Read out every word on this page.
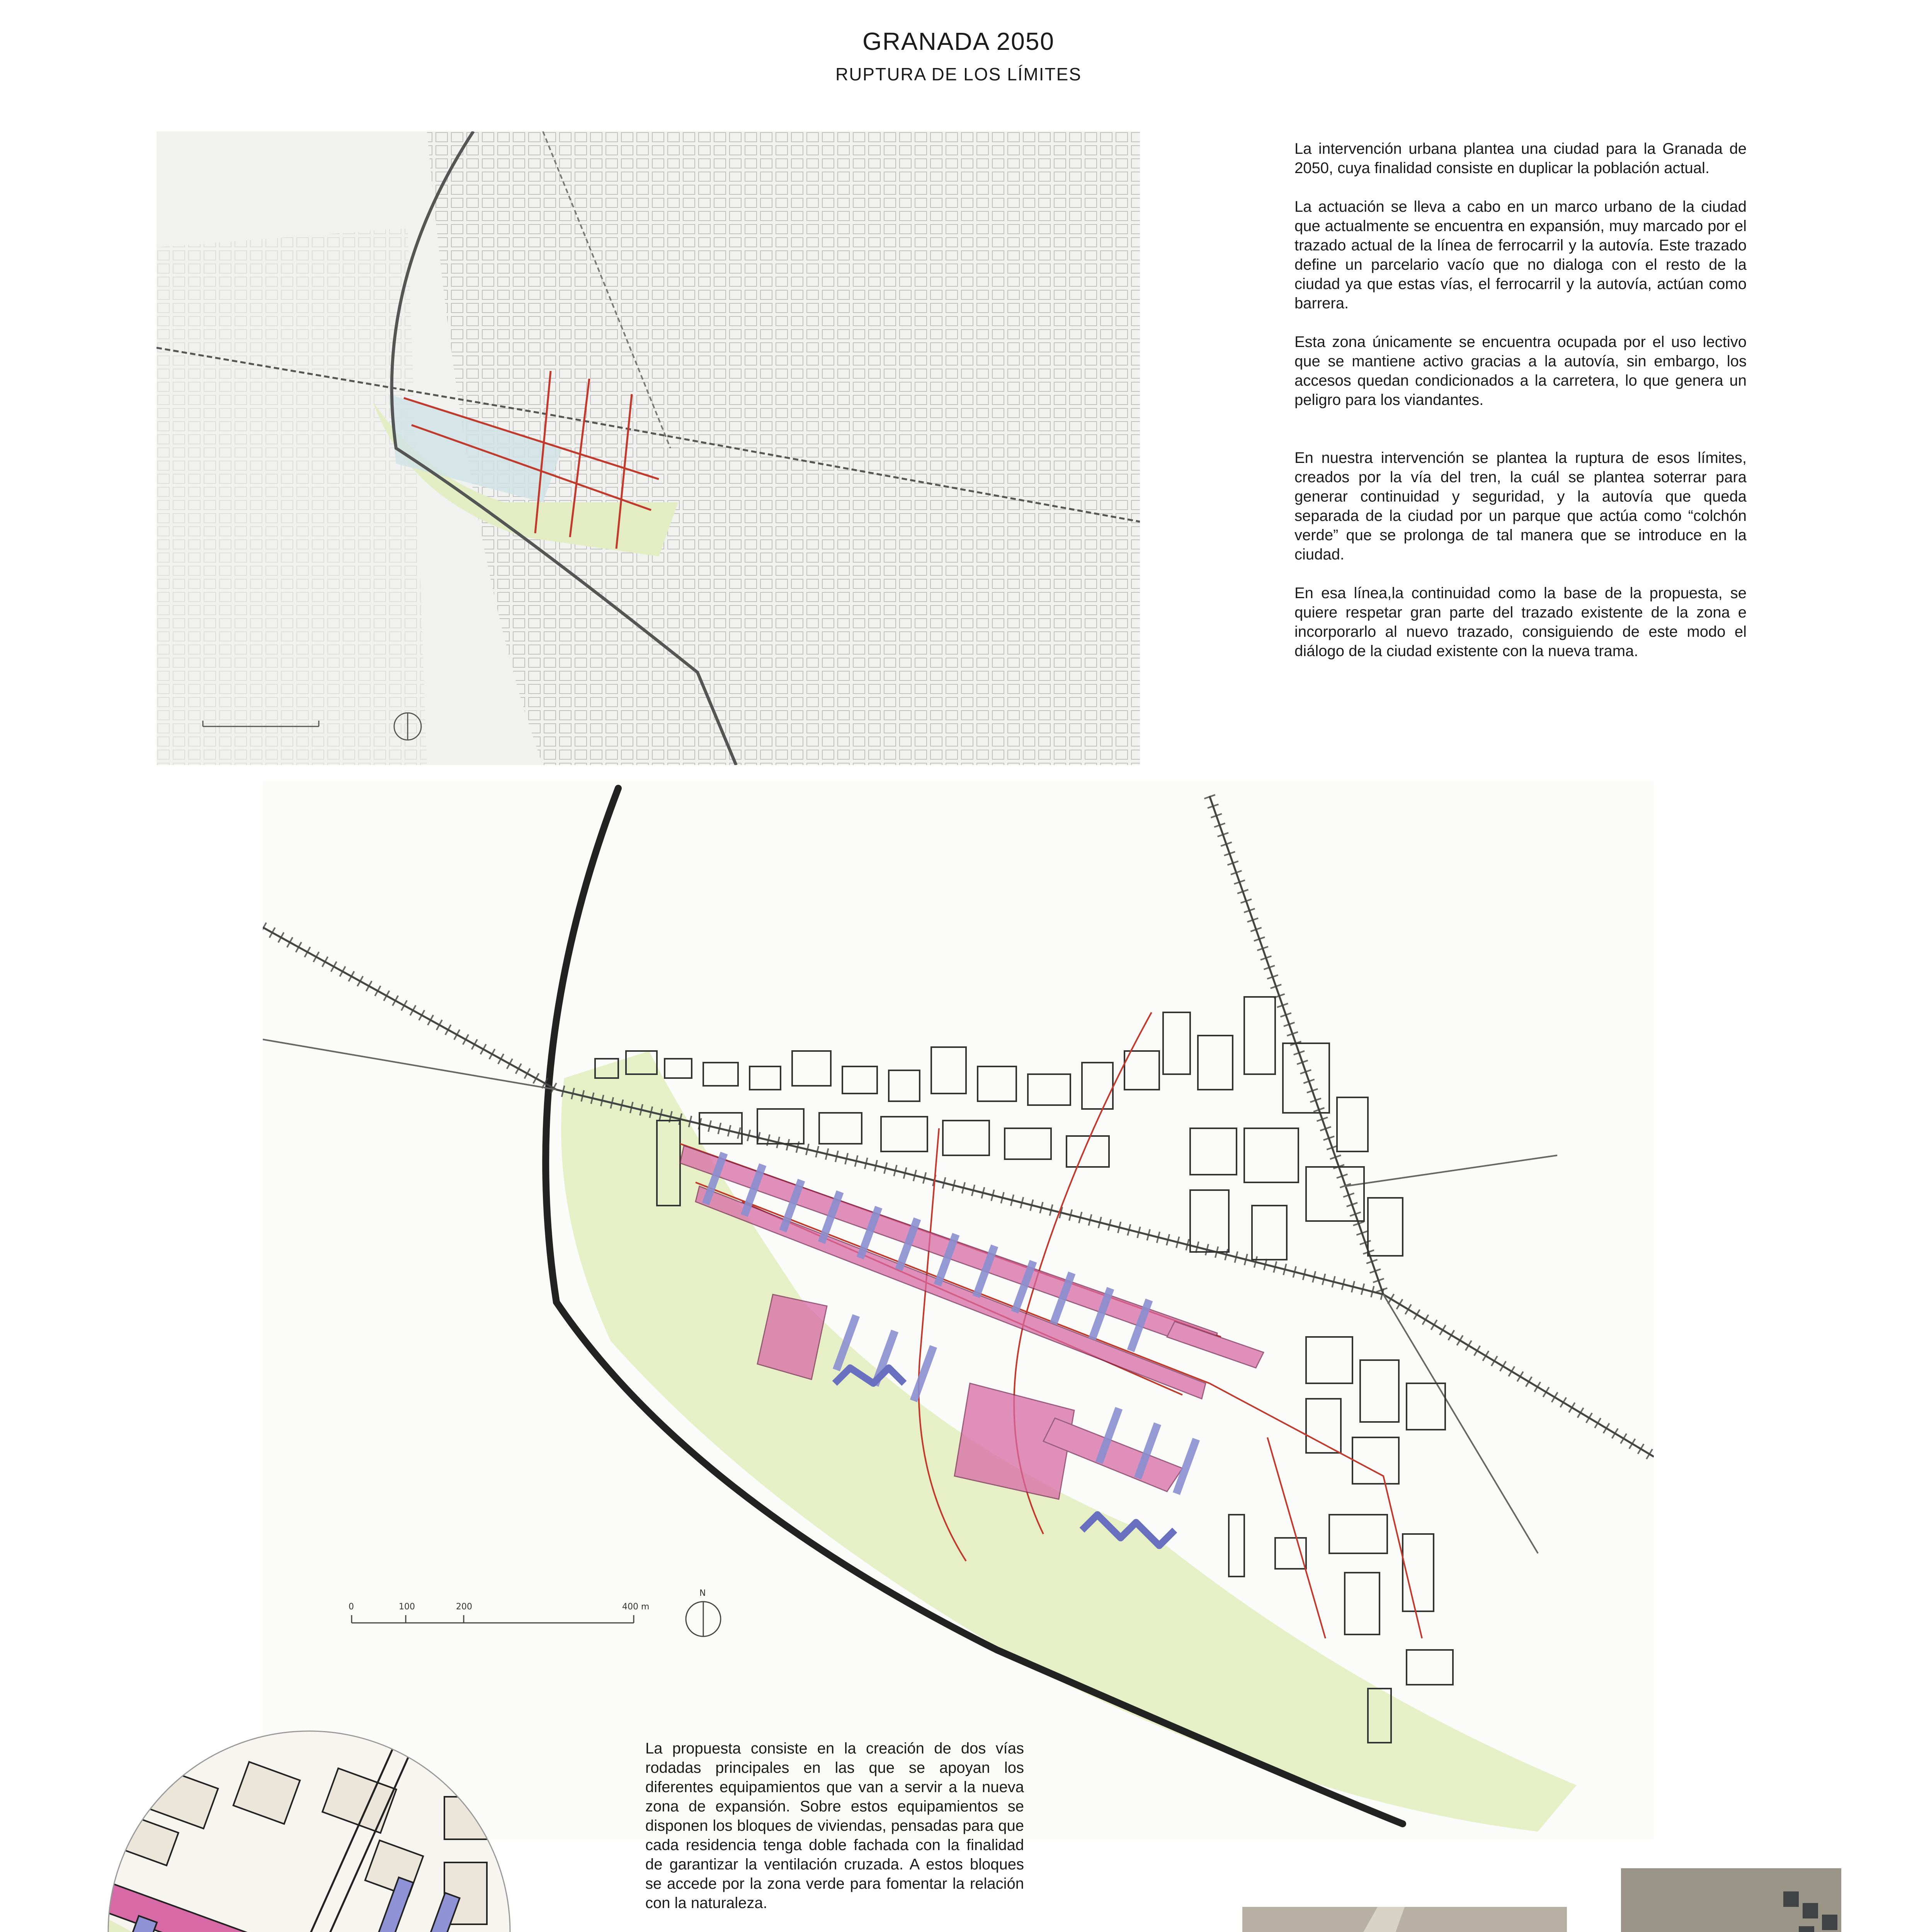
GRANADA 2050
RUPTURA DE LOS LÍMITES

La intervención urbana plantea una ciudad para la Granada de 2050, cuya finalidad consiste en duplicar la población actual.

La actuación se lleva a cabo en un marco urbano de la ciudad que actualmente se encuentra en expansión, muy marcado por el trazado actual de la línea de ferrocarril y la autovía. Este trazado define un parcelario vacío que no dialoga con el resto de la ciudad ya que estas vías, el ferrocarril y la autovía, actúan como barrera.

Esta zona únicamente se encuentra ocupada por el uso lectivo que se mantiene activo gracias a la autovía, sin embargo, los accesos quedan condicionados a la carretera, lo que genera un peligro para los viandantes.

En nuestra intervención se plantea la ruptura de esos límites, creados por la vía del tren, la cuál se plantea soterrar para generar continuidad y seguridad, y la autovía que queda separada de la ciudad por un parque que actúa como “colchón verde” que se prolonga de tal manera que se introduce en la ciudad.

En esa línea,la continuidad como la base de la propuesta, se quiere respetar gran parte del trazado existente de la zona e incorporarlo al nuevo trazado, consiguiendo de este modo el diálogo de la ciudad existente con la nueva trama.

0	100	200	400 m
N

La propuesta consiste en la creación de dos vías rodadas principales en las que se apoyan los diferentes equipamientos que van a servir a la nueva zona de expansión. Sobre estos equipamientos se disponen los bloques de viviendas, pensadas para que cada residencia tenga doble fachada con la finalidad de garantizar la ventilación cruzada. A estos bloques se accede por la zona verde para fomentar la relación con la naturaleza.
